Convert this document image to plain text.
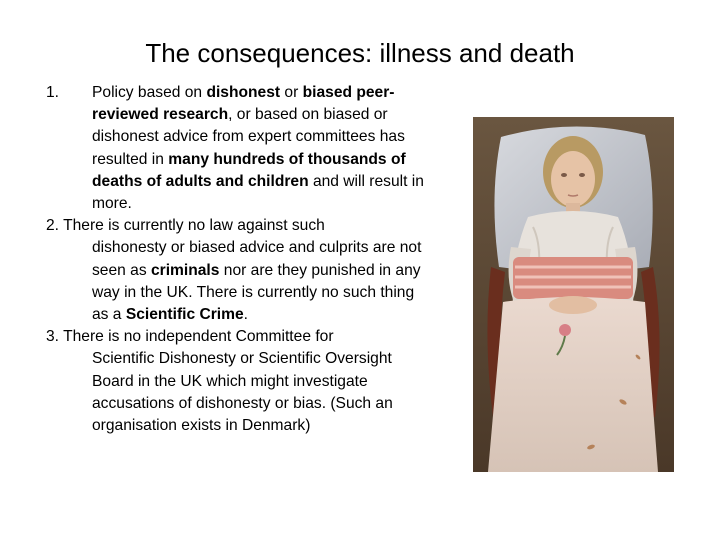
The consequences: illness and death
1. Policy based on dishonest or biased peer- reviewed research, or based on biased or dishonest advice from expert committees has resulted in many hundreds of thousands of deaths of adults and children and will result in more.
2. There is currently no law against such
dishonesty or biased advice and culprits are not seen as criminals nor are they punished in any way in the UK. There is currently no such thing as a Scientific Crime.
3. There is no independent Committee for
Scientific Dishonesty or Scientific Oversight Board in the UK which might investigate accusations of dishonesty or bias. (Such an organisation exists in Denmark)
